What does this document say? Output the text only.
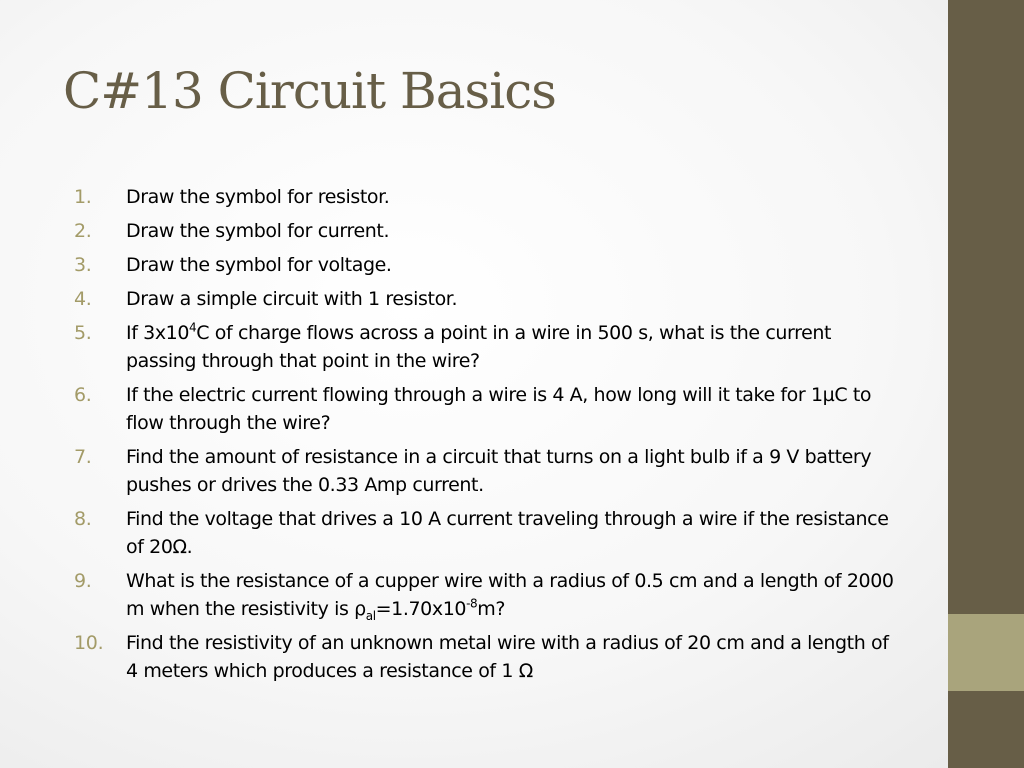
C#13 Circuit Basics
1.	Draw the symbol for resistor.
2.	Draw the symbol for current.
3.	Draw the symbol for voltage.
4.	Draw a simple circuit with 1 resistor.
5.	If $3x10^4C$ of charge flows across a point in a wire in 500 s, what is the current passing through that point in the wire?
6.	If the electric current flowing through a wire is 4 A, how long will it take for 1µC to flow through the wire?
7.	Find the amount of resistance in a circuit that turns on a light bulb if a 9 V battery pushes or drives the 0.33 Amp current.
8.	Find the voltage that drives a 10 A current traveling through a wire if the resistance of 20Ω.
9.	What is the resistance of a cupper wire with a radius of 0.5 cm and a length of 2000 m when the resistivity is $\rho_{al}=1.70x10^{-8}m$?
10.	Find the resistivity of an unknown metal wire with a radius of 20 cm and a length of 4 meters which produces a resistance of 1 Ω
